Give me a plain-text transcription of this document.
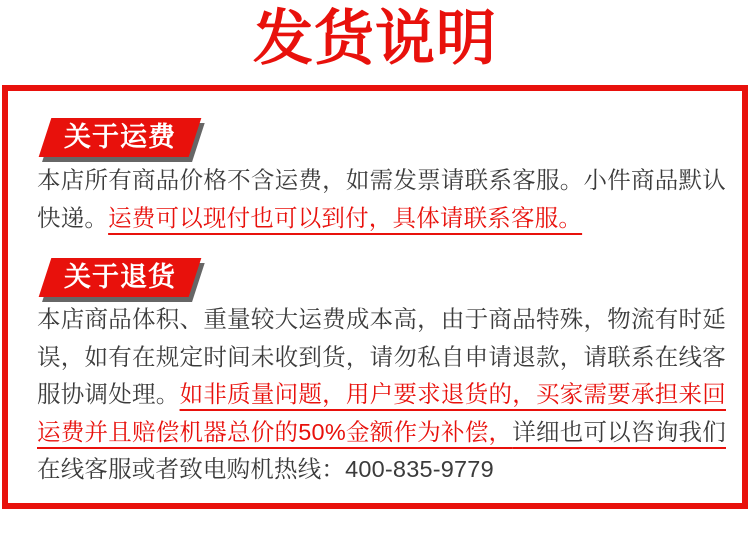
发货说明
关于运费
本店所有商品价格不含运费，如需发票请联系客服。小件商品默认快递。运费可以现付也可以到付，具体请联系客服。
关于退货
本店商品体积、重量较大运费成本高，由于商品特殊，物流有时延误，如有在规定时间未收到货，请勿私自申请退款，请联系在线客服协调处理。如非质量问题，用户要求退货的，买家需要承担来回运费并且赔偿机器总价的50%金额作为补偿，详细也可以咨询我们在线客服或者致电购机热线：400-835-9779
